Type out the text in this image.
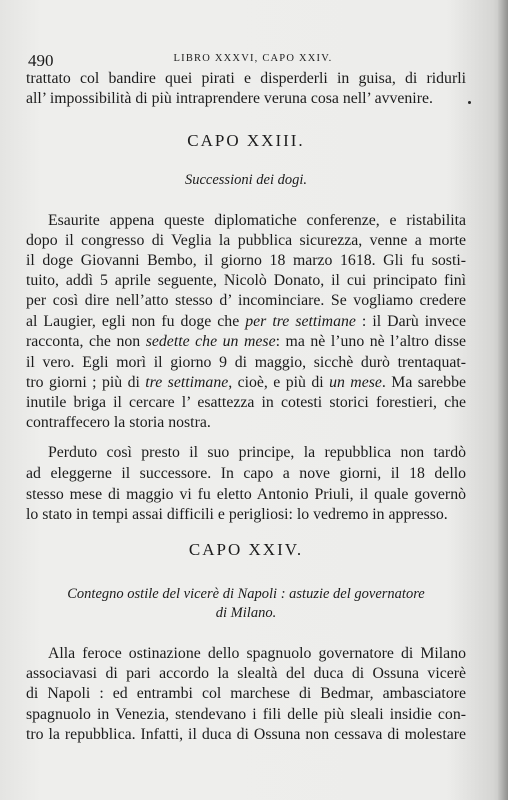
490	LIBRO XXXVI, CAPO XXIV.
trattato col bandire quei pirati e disperderli in guisa, di ridurli
all’ impossibilità di più intraprendere veruna cosa nell’ avvenire.
CAPO XXIII.
Successioni dei dogi.
Esaurite appena queste diplomatiche conferenze, e ristabilita
dopo il congresso di Veglia la pubblica sicurezza, venne a morte
il doge Giovanni Bembo, il giorno 18 marzo 1618. Gli fu sosti-
tuito, addì 5 aprile seguente, Nicolò Donato, il cui principato finì
per così dire nell’atto stesso d’ incominciare. Se vogliamo credere
al Laugier, egli non fu doge che per tre settimane : il Darù invece
racconta, che non sedette che un mese: ma nè l’uno nè l’altro disse
il vero. Egli morì il giorno 9 di maggio, sicchè durò trentaquat-
tro giorni ; più di tre settimane, cioè, e più di un mese. Ma sarebbe
inutile briga il cercare l’ esattezza in cotesti storici forestieri, che
contraffecero la storia nostra.
Perduto così presto il suo principe, la repubblica non tardò
ad eleggerne il successore. In capo a nove giorni, il 18 dello
stesso mese di maggio vi fu eletto Antonio Priuli, il quale governò
lo stato in tempi assai difficili e perigliosi: lo vedremo in appresso.
CAPO XXIV.
Contegno ostile del vicerè di Napoli : astuzie del governatore
di Milano.
Alla feroce ostinazione dello spagnuolo governatore di Milano
associavasi di pari accordo la slealtà del duca di Ossuna vicerè
di Napoli : ed entrambi col marchese di Bedmar, ambasciatore
spagnuolo in Venezia, stendevano i fili delle più sleali insidie con-
tro la repubblica. Infatti, il duca di Ossuna non cessava di molestare
